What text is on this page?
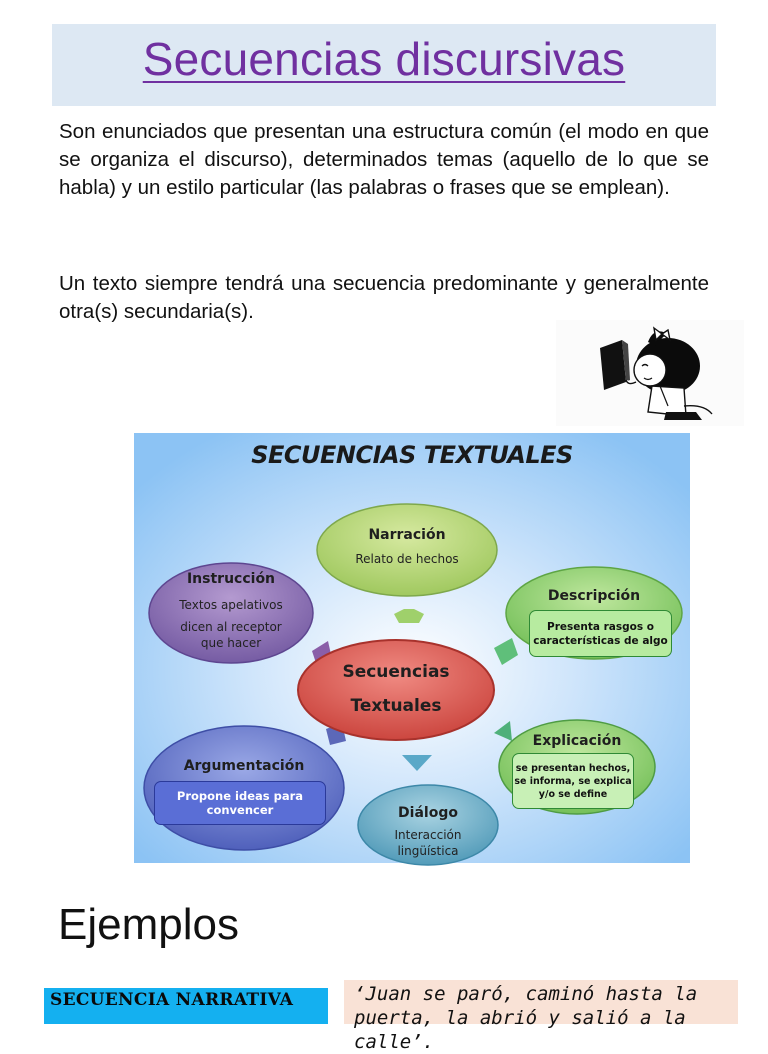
Secuencias discursivas
Son enunciados que presentan una estructura común (el modo en que se organiza el discurso), determinados temas (aquello de lo que se habla) y un estilo particular (las palabras o frases que se emplean).
Un texto siempre tendrá una secuencia predominante y generalmente otra(s) secundaria(s).
SECUENCIAS TEXTUALES
Secuencias
Textuales
Narración
Relato de hechos
Descripción
Presenta rasgos o características de algo
Explicación
se presentan hechos, se informa, se explica y/o se define
Diálogo
Interacción
lingüística
Argumentación
Propone ideas para convencer
Instrucción
Textos apelativos
dicen al receptor
que hacer
Ejemplos
SECUENCIA NARRATIVA	‘Juan se paró, caminó hasta la puerta, la abrió y salió a la calle’.
